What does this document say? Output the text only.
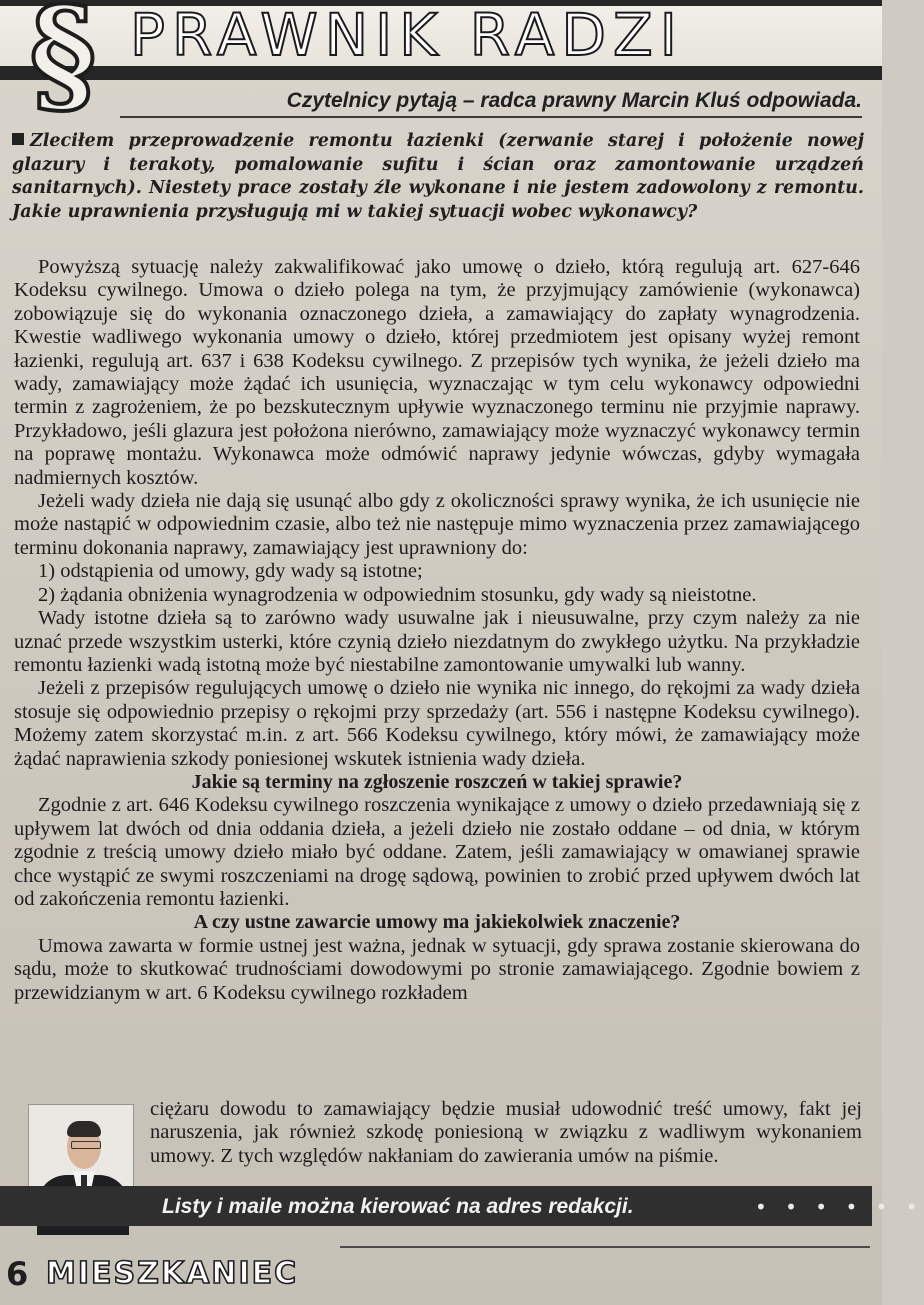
§ PRAWNIK RADZI
Czytelnicy pytają – radca prawny Marcin Kluś odpowiada.
Zleciłem przeprowadzenie remontu łazienki (zerwanie starej i położenie nowej glazury i terakoty, pomalowanie sufitu i ścian oraz zamontowanie urządzeń sanitarnych). Niestety prace zostały źle wykonane i nie jestem zadowolony z remontu. Jakie uprawnienia przysługują mi w takiej sytuacji wobec wykonawcy?

Powyższą sytuację należy zakwalifikować jako umowę o dzieło, którą regulują art. 627-646 Kodeksu cywilnego. Umowa o dzieło polega na tym, że przyjmujący zamówienie (wykonawca) zobowiązuje się do wykonania oznaczonego dzieła, a zamawiający do zapłaty wynagrodzenia. Kwestie wadliwego wykonania umowy o dzieło, której przedmiotem jest opisany wyżej remont łazienki, regulują art. 637 i 638 Kodeksu cywilnego. Z przepisów tych wynika, że jeżeli dzieło ma wady, zamawiający może żądać ich usunięcia, wyznaczając w tym celu wykonawcy odpowiedni termin z zagrożeniem, że po bezskutecznym upływie wyznaczonego terminu nie przyjmie naprawy. Przykładowo, jeśli glazura jest położona nierówno, zamawiający może wyznaczyć wykonawcy termin na poprawę montażu. Wykonawca może odmówić naprawy jedynie wówczas, gdyby wymagała nadmiernych kosztów.

Jeżeli wady dzieła nie dają się usunąć albo gdy z okoliczności sprawy wynika, że ich usunięcie nie może nastąpić w odpowiednim czasie, albo też nie następuje mimo wyznaczenia przez zamawiającego terminu dokonania naprawy, zamawiający jest uprawniony do:

1) odstąpienia od umowy, gdy wady są istotne;

2) żądania obniżenia wynagrodzenia w odpowiednim stosunku, gdy wady są nieistotne.

Wady istotne dzieła są to zarówno wady usuwalne jak i nieusuwalne, przy czym należy za nie uznać przede wszystkim usterki, które czynią dzieło niezdatnym do zwykłego użytku. Na przykładzie remontu łazienki wadą istotną może być niestabilne zamontowanie umywalki lub wanny.

Jeżeli z przepisów regulujących umowę o dzieło nie wynika nic innego, do rękojmi za wady dzieła stosuje się odpowiednio przepisy o rękojmi przy sprzedaży (art. 556 i następne Kodeksu cywilnego). Możemy zatem skorzystać m.in. z art. 566 Kodeksu cywilnego, który mówi, że zamawiający może żądać naprawienia szkody poniesionej wskutek istnienia wady dzieła.

Jakie są terminy na zgłoszenie roszczeń w takiej sprawie?

Zgodnie z art. 646 Kodeksu cywilnego roszczenia wynikające z umowy o dzieło przedawniają się z upływem lat dwóch od dnia oddania dzieła, a jeżeli dzieło nie zostało oddane – od dnia, w którym zgodnie z treścią umowy dzieło miało być oddane. Zatem, jeśli zamawiający w omawianej sprawie chce wystąpić ze swymi roszczeniami na drogę sądową, powinien to zrobić przed upływem dwóch lat od zakończenia remontu łazienki.

A czy ustne zawarcie umowy ma jakiekolwiek znaczenie?

Umowa zawarta w formie ustnej jest ważna, jednak w sytuacji, gdy sprawa zostanie skierowana do sądu, może to skutkować trudnościami dowodowymi po stronie zamawiającego. Zgodnie bowiem z przewidzianym w art. 6 Kodeksu cywilnego rozkładem

ciężaru dowodu to zamawiający będzie musiał udowodnić treść umowy, fakt jej naruszenia, jak również szkodę poniesioną w związku z wadliwym wykonaniem umowy. Z tych względów nakłaniam do zawierania umów na piśmie.
Listy i maile można kierować na adres redakcji.	• • • • • •
6 MIESZKANIEC
